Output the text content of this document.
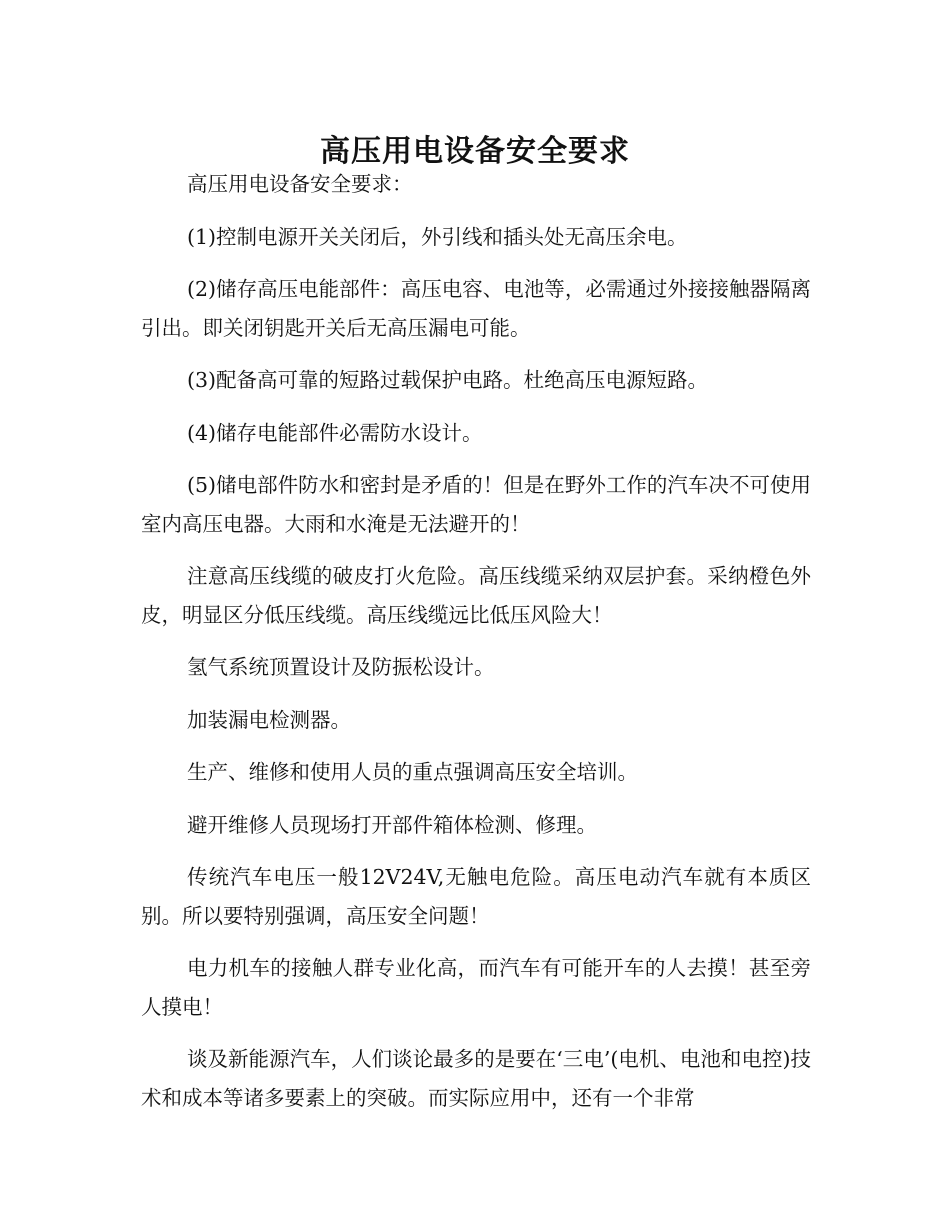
高压用电设备安全要求

高压用电设备安全要求：

(1)控制电源开关关闭后，外引线和插头处无高压余电。

(2)储存高压电能部件：高压电容、电池等，必需通过外接接触器隔离引出。即关闭钥匙开关后无高压漏电可能。

(3)配备高可靠的短路过载保护电路。杜绝高压电源短路。

(4)储存电能部件必需防水设计。

(5)储电部件防水和密封是矛盾的！但是在野外工作的汽车决不可使用室内高压电器。大雨和水淹是无法避开的！

注意高压线缆的破皮打火危险。高压线缆采纳双层护套。采纳橙色外皮，明显区分低压线缆。高压线缆远比低压风险大！

氢气系统顶置设计及防振松设计。

加装漏电检测器。

生产、维修和使用人员的重点强调高压安全培训。

避开维修人员现场打开部件箱体检测、修理。

传统汽车电压一般12V24V,无触电危险。高压电动汽车就有本质区别。所以要特别强调，高压安全问题！

电力机车的接触人群专业化高，而汽车有可能开车的人去摸！甚至旁人摸电！

谈及新能源汽车，人们谈论最多的是要在‘三电’(电机、电池和电控)技术和成本等诸多要素上的突破。而实际应用中，还有一个非常
